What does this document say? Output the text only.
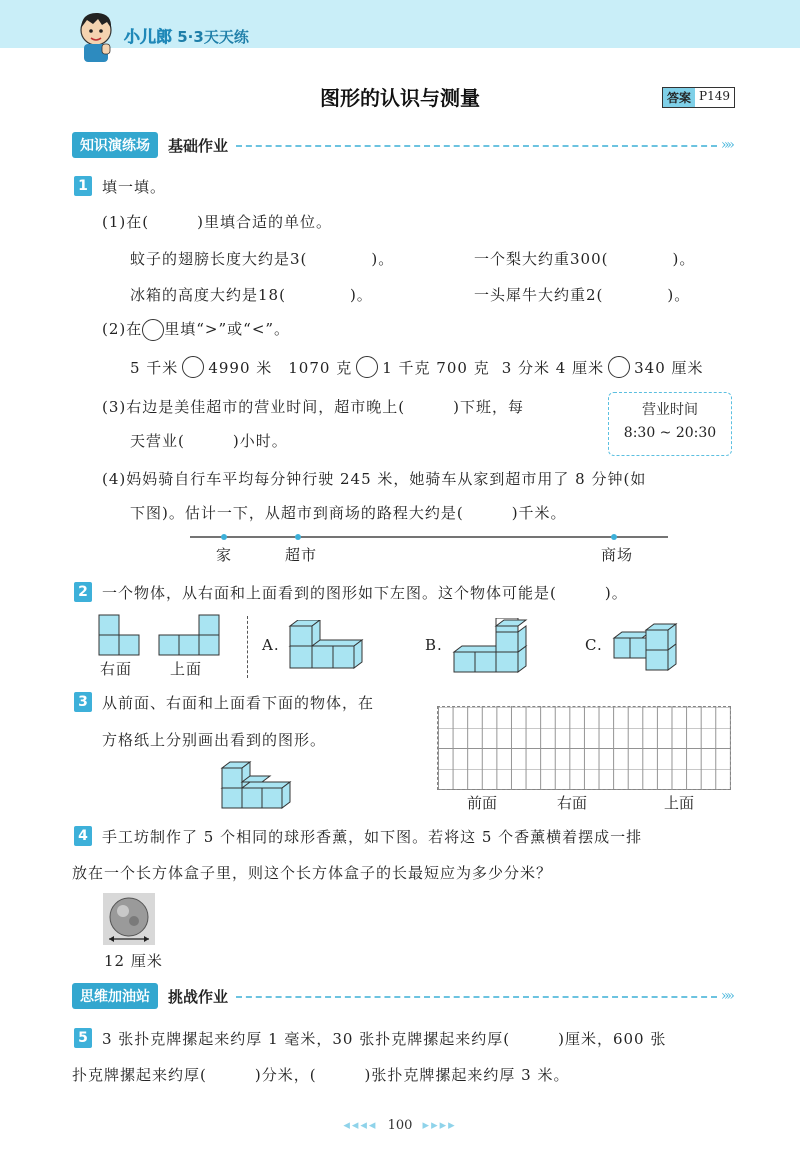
小儿郎 5·3天天练
图形的认识与测量	答案 P149
知识演练场	基础作业	»»
1 填一填。
(1)在(　　　)里填合适的单位。
蚊子的翅膀长度大约是3(　　　　)。	一个梨大约重300(　　　　)。
冰箱的高度大约是18(　　　　)。	一头犀牛大约重2(　　　　)。
(2)在 里填“>”或“<”。
5 千米 4990 米 1070 克 1 千克 700 克 3 分米 4 厘米 340 厘米
(3)右边是美佳超市的营业时间，超市晚上(　　　)下班，每
天营业(　　　)小时。
营业时间
8:30 ~ 20:30
(4)妈妈骑自行车平均每分钟行驶 245 米，她骑车从家到超市用了 8 分钟(如
下图)。估计一下，从超市到商场的路程大约是(　　　)千米。
家	超市	商场
2 一个物体，从右面和上面看到的图形如下左图。这个物体可能是(　　　)。
右面	上面
A.	B.	C.
3 从前面、右面和上面看下面的物体，在
方格纸上分别画出看到的图形。
前面	右面	上面
4 手工坊制作了 5 个相同的球形香薰，如下图。若将这 5 个香薰横着摆成一排
放在一个长方体盒子里，则这个长方体盒子的长最短应为多少分米？
12 厘米
思维加油站	挑战作业	»»
5 3 张扑克牌摞起来约厚 1 毫米，30 张扑克牌摞起来约厚(　　　)厘米，600 张
扑克牌摞起来约厚(　　　)分米，(　　　)张扑克牌摞起来约厚 3 米。
◂◂◂◂ 100 ▸▸▸▸
